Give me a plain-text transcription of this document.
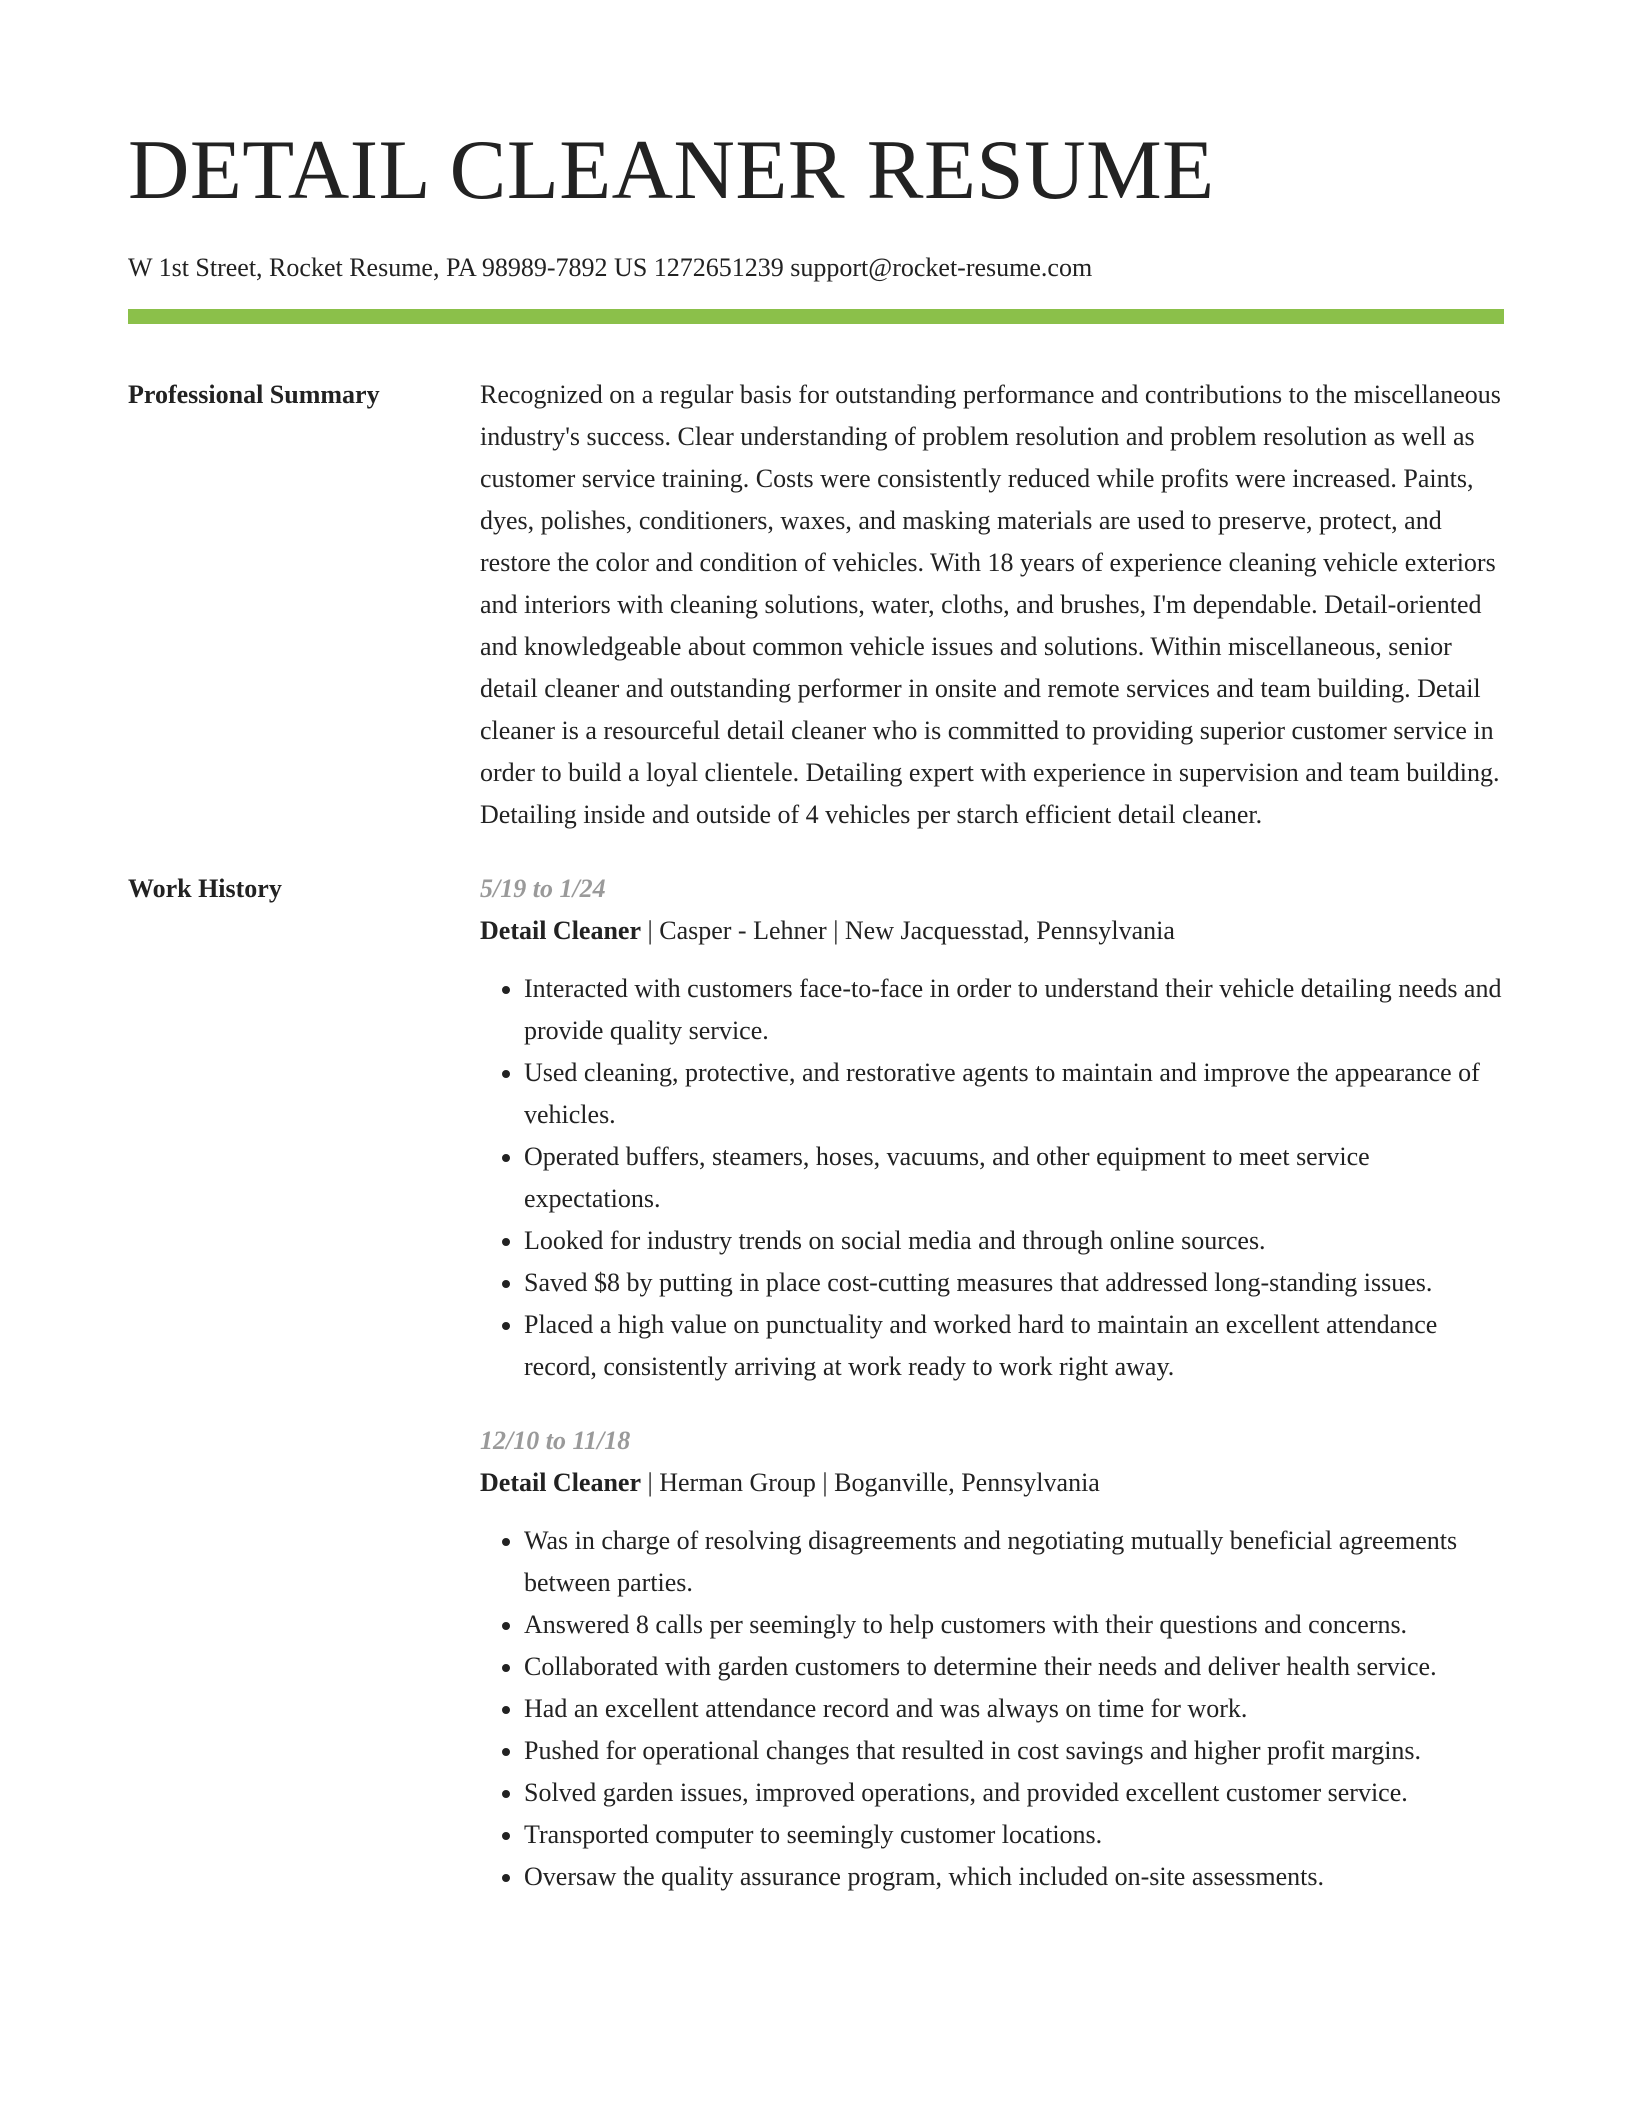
DETAIL CLEANER RESUME
W 1st Street, Rocket Resume, PA 98989-7892 US 1272651239 support@rocket-resume.com
Professional Summary	Recognized on a regular basis for outstanding performance and contributions to the miscellaneous industry's success. Clear understanding of problem resolution and problem resolution as well as customer service training. Costs were consistently reduced while profits were increased. Paints, dyes, polishes, conditioners, waxes, and masking materials are used to preserve, protect, and restore the color and condition of vehicles. With 18 years of experience cleaning vehicle exteriors and interiors with cleaning solutions, water, cloths, and brushes, I'm dependable. Detail-oriented and knowledgeable about common vehicle issues and solutions. Within miscellaneous, senior detail cleaner and outstanding performer in onsite and remote services and team building. Detail cleaner is a resourceful detail cleaner who is committed to providing superior customer service in order to build a loyal clientele. Detailing expert with experience in supervision and team building. Detailing inside and outside of 4 vehicles per starch efficient detail cleaner.

Work History	5/19 to 1/24
Detail Cleaner | Casper - Lehner | New Jacquesstad, Pennsylvania
• Interacted with customers face-to-face in order to understand their vehicle detailing needs and provide quality service.
• Used cleaning, protective, and restorative agents to maintain and improve the appearance of vehicles.
• Operated buffers, steamers, hoses, vacuums, and other equipment to meet service expectations.
• Looked for industry trends on social media and through online sources.
• Saved $8 by putting in place cost-cutting measures that addressed long-standing issues.
• Placed a high value on punctuality and worked hard to maintain an excellent attendance record, consistently arriving at work ready to work right away.
12/10 to 11/18
Detail Cleaner | Herman Group | Boganville, Pennsylvania
• Was in charge of resolving disagreements and negotiating mutually beneficial agreements between parties.
• Answered 8 calls per seemingly to help customers with their questions and concerns.
• Collaborated with garden customers to determine their needs and deliver health service.
• Had an excellent attendance record and was always on time for work.
• Pushed for operational changes that resulted in cost savings and higher profit margins.
• Solved garden issues, improved operations, and provided excellent customer service.
• Transported computer to seemingly customer locations.
• Oversaw the quality assurance program, which included on-site assessments.
